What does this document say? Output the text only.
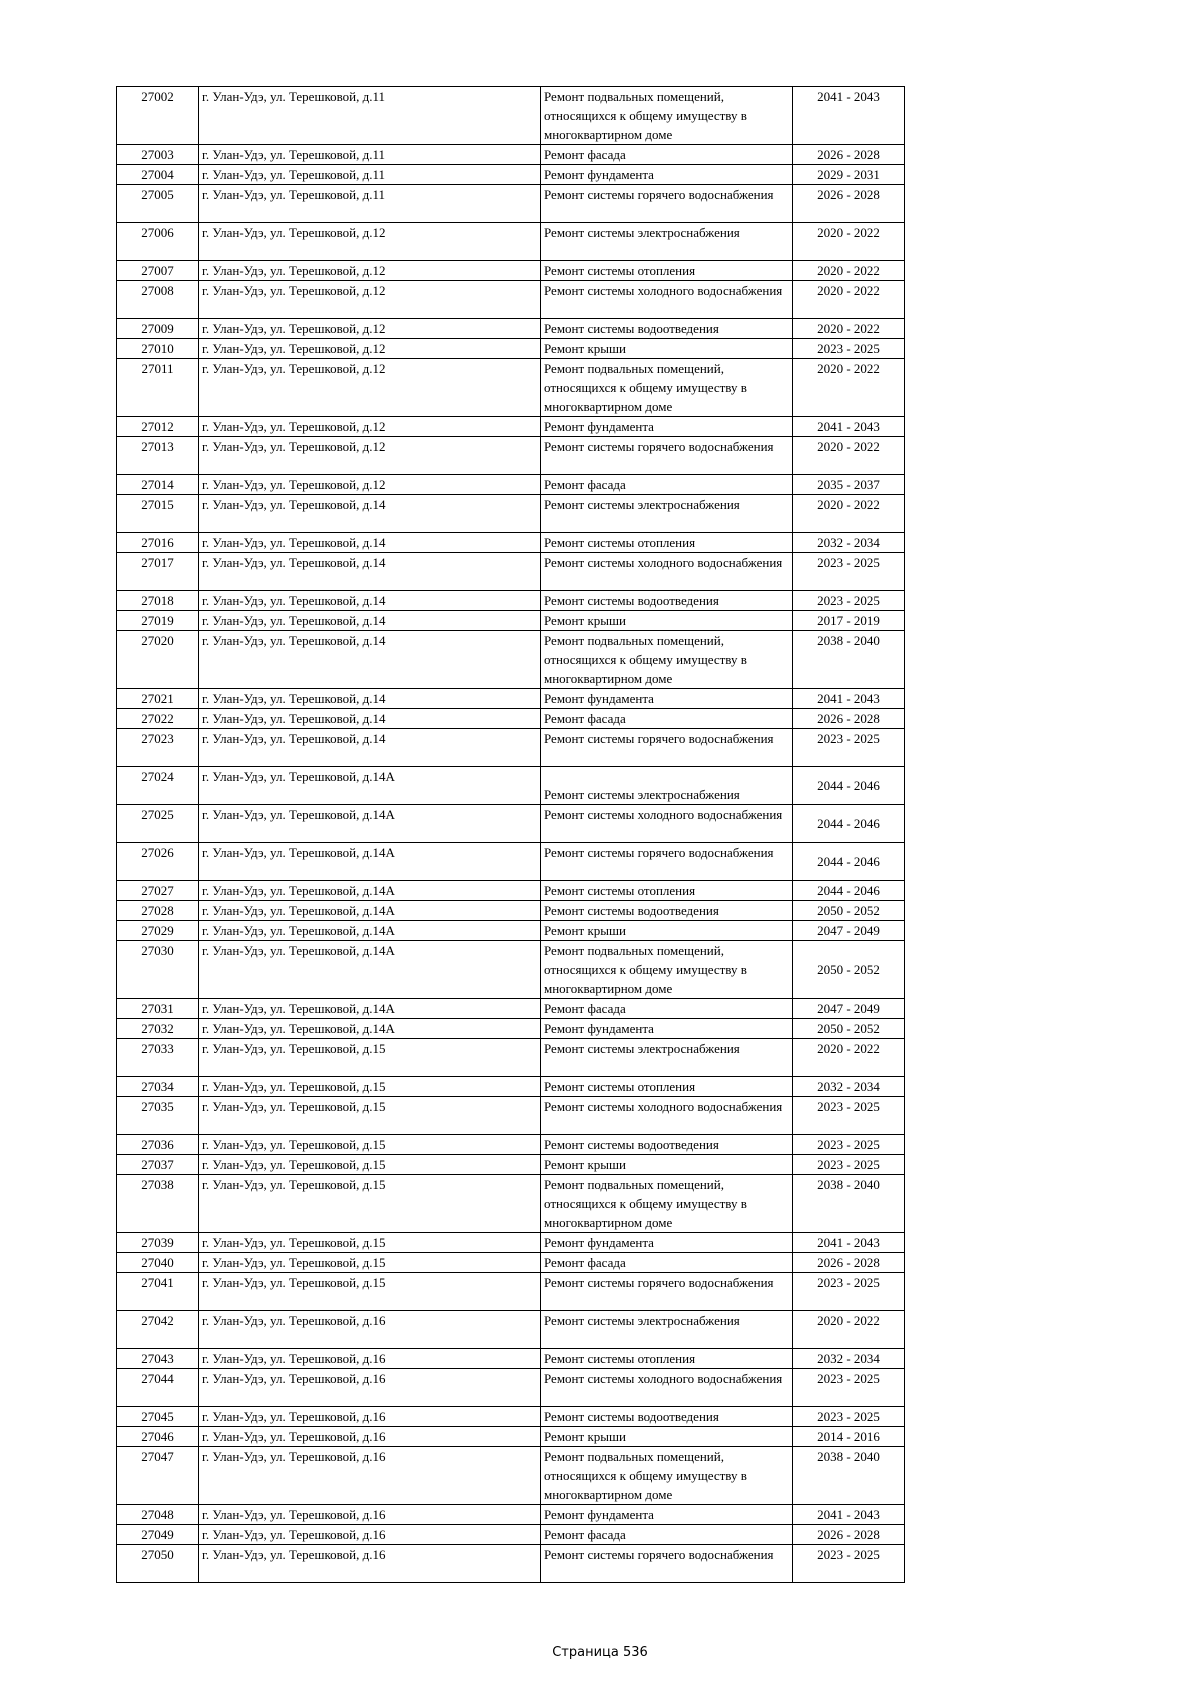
27002	г. Улан-Удэ, ул. Терешковой, д.11	Ремонт подвальных помещений, относящихся к общему имуществу в многоквартирном доме	2041 - 2043
27003	г. Улан-Удэ, ул. Терешковой, д.11	Ремонт фасада	2026 - 2028
27004	г. Улан-Удэ, ул. Терешковой, д.11	Ремонт фундамента	2029 - 2031
27005	г. Улан-Удэ, ул. Терешковой, д.11	Ремонт системы горячего водоснабжения	2026 - 2028
27006	г. Улан-Удэ, ул. Терешковой, д.12	Ремонт системы электроснабжения	2020 - 2022
27007	г. Улан-Удэ, ул. Терешковой, д.12	Ремонт системы отопления	2020 - 2022
27008	г. Улан-Удэ, ул. Терешковой, д.12	Ремонт системы холодного водоснабжения	2020 - 2022
27009	г. Улан-Удэ, ул. Терешковой, д.12	Ремонт системы водоотведения	2020 - 2022
27010	г. Улан-Удэ, ул. Терешковой, д.12	Ремонт крыши	2023 - 2025
27011	г. Улан-Удэ, ул. Терешковой, д.12	Ремонт подвальных помещений, относящихся к общему имуществу в многоквартирном доме	2020 - 2022
27012	г. Улан-Удэ, ул. Терешковой, д.12	Ремонт фундамента	2041 - 2043
27013	г. Улан-Удэ, ул. Терешковой, д.12	Ремонт системы горячего водоснабжения	2020 - 2022
27014	г. Улан-Удэ, ул. Терешковой, д.12	Ремонт фасада	2035 - 2037
27015	г. Улан-Удэ, ул. Терешковой, д.14	Ремонт системы электроснабжения	2020 - 2022
27016	г. Улан-Удэ, ул. Терешковой, д.14	Ремонт системы отопления	2032 - 2034
27017	г. Улан-Удэ, ул. Терешковой, д.14	Ремонт системы холодного водоснабжения	2023 - 2025
27018	г. Улан-Удэ, ул. Терешковой, д.14	Ремонт системы водоотведения	2023 - 2025
27019	г. Улан-Удэ, ул. Терешковой, д.14	Ремонт крыши	2017 - 2019
27020	г. Улан-Удэ, ул. Терешковой, д.14	Ремонт подвальных помещений, относящихся к общему имуществу в многоквартирном доме	2038 - 2040
27021	г. Улан-Удэ, ул. Терешковой, д.14	Ремонт фундамента	2041 - 2043
27022	г. Улан-Удэ, ул. Терешковой, д.14	Ремонт фасада	2026 - 2028
27023	г. Улан-Удэ, ул. Терешковой, д.14	Ремонт системы горячего водоснабжения	2023 - 2025
27024	г. Улан-Удэ, ул. Терешковой, д.14А	Ремонт системы электроснабжения	2044 - 2046
27025	г. Улан-Удэ, ул. Терешковой, д.14А	Ремонт системы холодного водоснабжения	2044 - 2046
27026	г. Улан-Удэ, ул. Терешковой, д.14А	Ремонт системы горячего водоснабжения	2044 - 2046
27027	г. Улан-Удэ, ул. Терешковой, д.14А	Ремонт системы отопления	2044 - 2046
27028	г. Улан-Удэ, ул. Терешковой, д.14А	Ремонт системы водоотведения	2050 - 2052
27029	г. Улан-Удэ, ул. Терешковой, д.14А	Ремонт крыши	2047 - 2049
27030	г. Улан-Удэ, ул. Терешковой, д.14А	Ремонт подвальных помещений, относящихся к общему имуществу в многоквартирном доме	2050 - 2052
27031	г. Улан-Удэ, ул. Терешковой, д.14А	Ремонт фасада	2047 - 2049
27032	г. Улан-Удэ, ул. Терешковой, д.14А	Ремонт фундамента	2050 - 2052
27033	г. Улан-Удэ, ул. Терешковой, д.15	Ремонт системы электроснабжения	2020 - 2022
27034	г. Улан-Удэ, ул. Терешковой, д.15	Ремонт системы отопления	2032 - 2034
27035	г. Улан-Удэ, ул. Терешковой, д.15	Ремонт системы холодного водоснабжения	2023 - 2025
27036	г. Улан-Удэ, ул. Терешковой, д.15	Ремонт системы водоотведения	2023 - 2025
27037	г. Улан-Удэ, ул. Терешковой, д.15	Ремонт крыши	2023 - 2025
27038	г. Улан-Удэ, ул. Терешковой, д.15	Ремонт подвальных помещений, относящихся к общему имуществу в многоквартирном доме	2038 - 2040
27039	г. Улан-Удэ, ул. Терешковой, д.15	Ремонт фундамента	2041 - 2043
27040	г. Улан-Удэ, ул. Терешковой, д.15	Ремонт фасада	2026 - 2028
27041	г. Улан-Удэ, ул. Терешковой, д.15	Ремонт системы горячего водоснабжения	2023 - 2025
27042	г. Улан-Удэ, ул. Терешковой, д.16	Ремонт системы электроснабжения	2020 - 2022
27043	г. Улан-Удэ, ул. Терешковой, д.16	Ремонт системы отопления	2032 - 2034
27044	г. Улан-Удэ, ул. Терешковой, д.16	Ремонт системы холодного водоснабжения	2023 - 2025
27045	г. Улан-Удэ, ул. Терешковой, д.16	Ремонт системы водоотведения	2023 - 2025
27046	г. Улан-Удэ, ул. Терешковой, д.16	Ремонт крыши	2014 - 2016
27047	г. Улан-Удэ, ул. Терешковой, д.16	Ремонт подвальных помещений, относящихся к общему имуществу в многоквартирном доме	2038 - 2040
27048	г. Улан-Удэ, ул. Терешковой, д.16	Ремонт фундамента	2041 - 2043
27049	г. Улан-Удэ, ул. Терешковой, д.16	Ремонт фасада	2026 - 2028
27050	г. Улан-Удэ, ул. Терешковой, д.16	Ремонт системы горячего водоснабжения	2023 - 2025
Страница 536
